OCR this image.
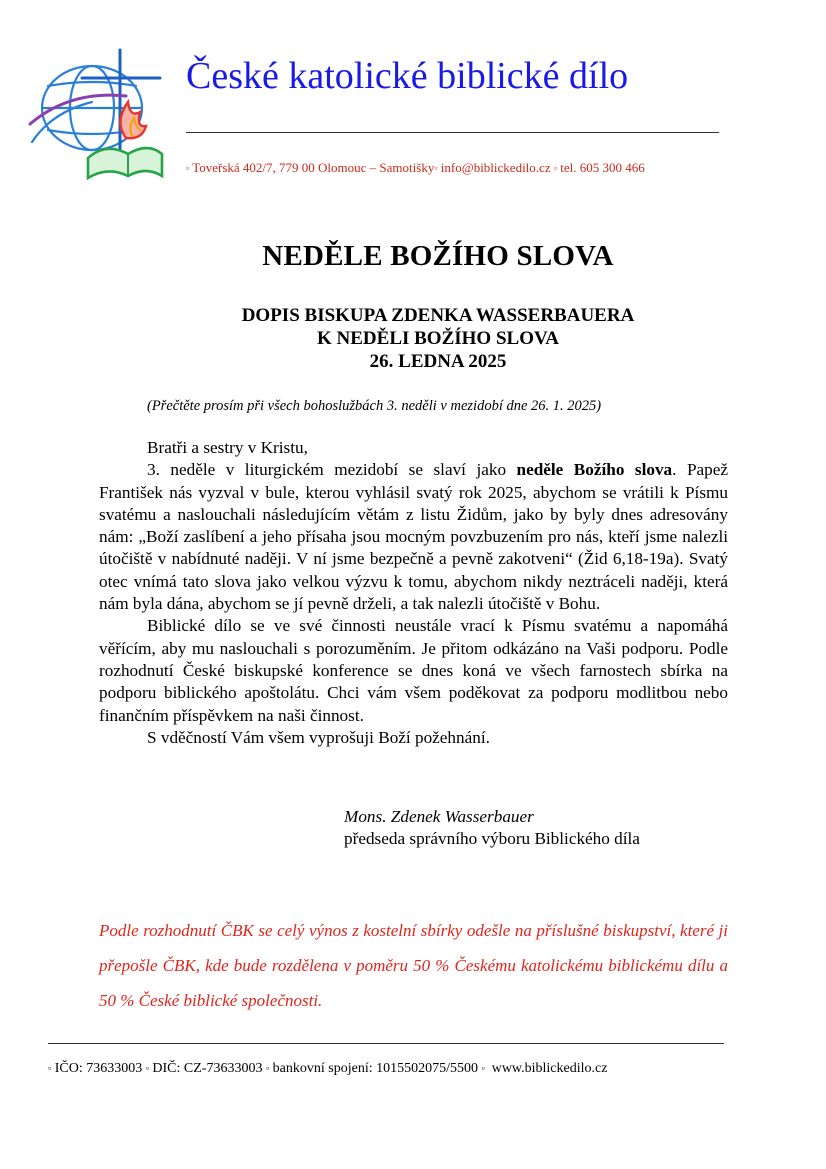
České katolické biblické dílo
▫ Toveřská 402/7, 779 00 Olomouc – Samotišky▫ info@biblickedilo.cz ▫ tel. 605 300 466
NEDĚLE BOŽÍHO SLOVA
DOPIS BISKUPA ZDENKA WASSERBAUERA
K NEDĚLI BOŽÍHO SLOVA
26. LEDNA 2025
(Přečtěte prosím při všech bohoslužbách 3. neděli v mezidobí dne 26. 1. 2025)

Bratři a sestry v Kristu,

3. neděle v liturgickém mezidobí se slaví jako neděle Božího slova. Papež František nás vyzval v bule, kterou vyhlásil svatý rok 2025, abychom se vrátili k Písmu svatému a naslouchali následujícím větám z listu Židům, jako by byly dnes adresovány nám: „Boží zaslíbení a jeho přísaha jsou mocným povzbuzením pro nás, kteří jsme nalezli útočiště v nabídnuté naději. V ní jsme bezpečně a pevně zakotveni“ (Žid 6,18-19a). Svatý otec vnímá tato slova jako velkou výzvu k tomu, abychom nikdy neztráceli naději, která nám byla dána, abychom se jí pevně drželi, a tak nalezli útočiště v Bohu.

Biblické dílo se ve své činnosti neustále vrací k Písmu svatému a napomáhá věřícím, aby mu naslouchali s porozuměním. Je přitom odkázáno na Vaši podporu. Podle rozhodnutí České biskupské konference se dnes koná ve všech farnostech sbírka na podporu biblického apoštolátu. Chci vám všem poděkovat za podporu modlitbou nebo finančním příspěvkem na naši činnost.

S vděčností Vám všem vyprošuji Boží požehnání.

Mons. Zdenek Wasserbauer
předseda správního výboru Biblického díla
Podle rozhodnutí ČBK se celý výnos z kostelní sbírky odešle na příslušné biskupství, které ji přepošle ČBK, kde bude rozdělena v poměru 50 % Českému katolickému biblickému dílu a 50 % České biblické společnosti.
▫ IČO: 73633003 ▫ DIČ: CZ-73633003 ▫ bankovní spojení: 1015502075/5500 ▫ www.biblickedilo.cz
